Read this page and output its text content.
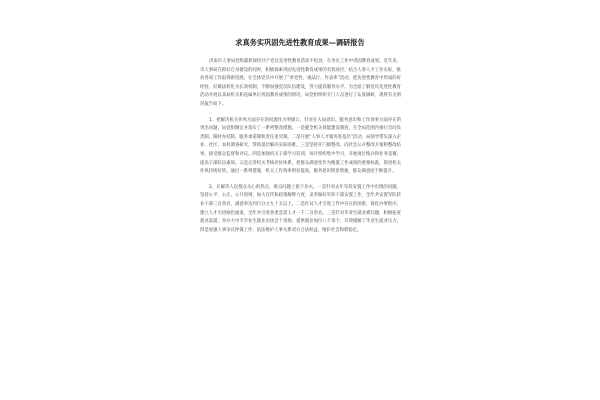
求真务实巩固先进性教育成果—调研报告

济南市人事局党组紧抓保持共产党员先进性教育活动不松劲，在务实工作中巩固教育成果。近年来，市人事局在抓好自身建设的同时，积极探索巩固先进性教育成果的有效途径，结合人事人才工作实际，推动各项工作取得新进展。在全体党员中开展了“讲党性、重品行、作表率”活动，把先进性教育中形成的好经验、好做法转化为长效机制，不断加强党员队伍建设，努力提高服务水平。为全面了解党员先进性教育活动开展以来局机关和直属单位巩固教育成果的情况，局党组组织专门人员进行了认真调研，现将有关情况报告如下。

1、把解决机关作风方面存在的问题作为突破口，针对在大局意识、服务意识和工作效率方面存在的突出问题，局党组制定并落实了一系列整改措施。一是健全机关效能建设制度，在全局范围内推行首问负责制、限时办结制、服务承诺制和责任追究制。二是开展“人事人才服务进基层”活动，局领导带头深入企业、社区、农村调查研究，帮助基层解决实际困难。三是坚持开门搞整改，向社会公开整改方案和整改结果，接受群众监督和评议。四是加强机关干部学习培训，每月组织集中学习，开展岗位练兵和业务竞赛，提高干部队伍素质。五是完善机关考核评价体系，把群众满意度作为衡量工作成效的重要标准，促进机关作风持续好转。通过一系列措施，机关工作效率明显提高，服务意识明显增强，群众满意度不断提升。

2、在解决人民群众关心的热点、难点问题上狠下功夫。一是针对去年军转安置工作中出现的问题，坚持公平、公正、公开原则，加大宣传和政策解释力度，妥善做好军转干部安置工作，全年共安置军队转业干部三百余名，满意率达到百分之九十五以上。二是针对人才引进工作中存在的困难，简化办事程序，建立人才引进绿色通道，全年共引进各类急需人才一千二百余名。三是针对毕业生就业难问题，积极拓宽就业渠道，举办大中专毕业生就业洽谈会十余场，提供就业岗位八千余个，有效缓解了毕业生就业压力。四是加强人事争议仲裁工作，依法维护人事关系双方合法权益，维护社会和谐稳定。
